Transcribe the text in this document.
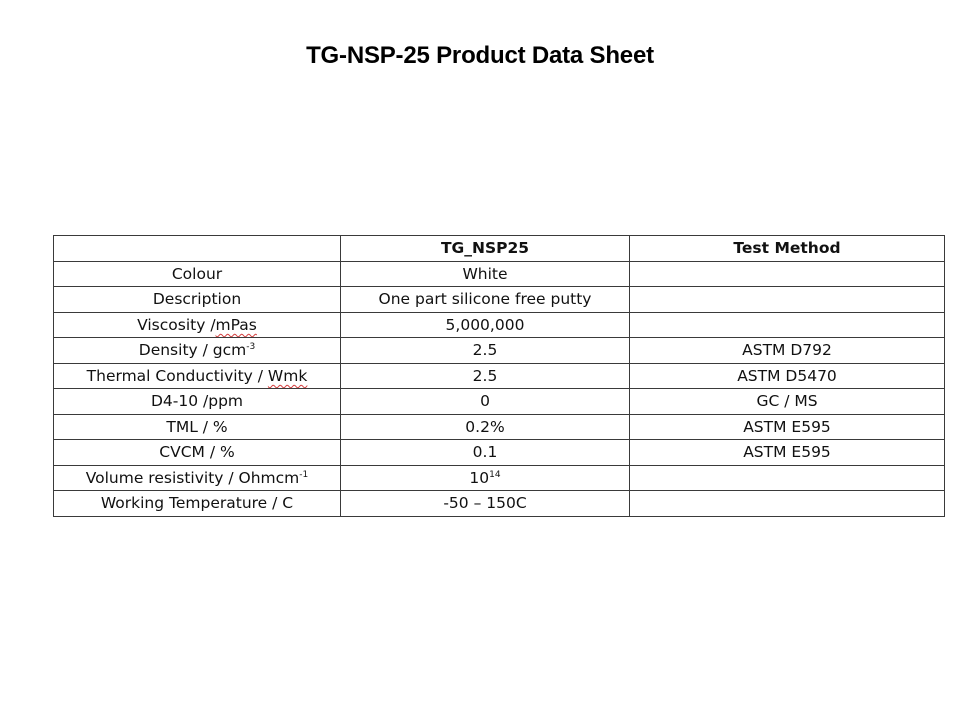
TG-NSP-25 Product Data Sheet
	TG_NSP25	Test Method
Colour	White	
Description	One part silicone free putty	
Viscosity /mPas	5,000,000	
Density / gcm$^{-3}$	2.5	ASTM D792
Thermal Conductivity / Wmk	2.5	ASTM D5470
D4-10 /ppm	0	GC / MS
TML / %	0.2%	ASTM E595
CVCM / %	0.1	ASTM E595
Volume resistivity / Ohmcm$^{-1}$	$10^{14}$	
Working Temperature / C	-50 – 150C	
